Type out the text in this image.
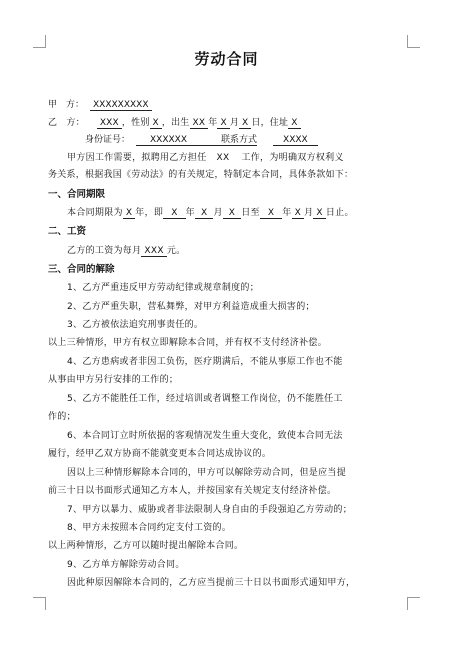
劳动合同
甲　方： XXXXXXXXX
乙　方： XXX ，性别 X ，出生 XX 年 X 月 X 日，住址 X
身份证号： XXXXXX	联系方式	XXXX
甲方因工作需要，拟聘用乙方担任 XX 工作，为明确双方权利义
务关系，根据我国《劳动法》的有关规定，特制定本合同，具体条款如下：
一、合同期限
本合同期限为 X 年，即 X 年 X 月 X 日至 X 年 X 月 X 日止。
二、工资
乙方的工资为每月 XXX 元。
三、合同的解除
1、乙方严重违反甲方劳动纪律或规章制度的；
2、乙方严重失职，营私舞弊，对甲方利益造成重大损害的；
3、乙方被依法追究刑事责任的。
以上三种情形，甲方有权立即解除本合同，并有权不支付经济补偿。
4、乙方患病或者非因工负伤，医疗期满后，不能从事原工作也不能
从事由甲方另行安排的工作的；
5、乙方不能胜任工作，经过培训或者调整工作岗位，仍不能胜任工
作的；
6、本合同订立时所依据的客观情况发生重大变化，致使本合同无法
履行，经甲乙双方协商不能就变更本合同达成协议的。
因以上三种情形解除本合同的，甲方可以解除劳动合同，但是应当提
前三十日以书面形式通知乙方本人，并按国家有关规定支付经济补偿。
7、甲方以暴力、威胁或者非法限制人身自由的手段强迫乙方劳动的；
8、甲方未按照本合同约定支付工资的。
以上两种情形，乙方可以随时提出解除本合同。
9、乙方单方解除劳动合同。
因此种原因解除本合同的，乙方应当提前三十日以书面形式通知甲方，
